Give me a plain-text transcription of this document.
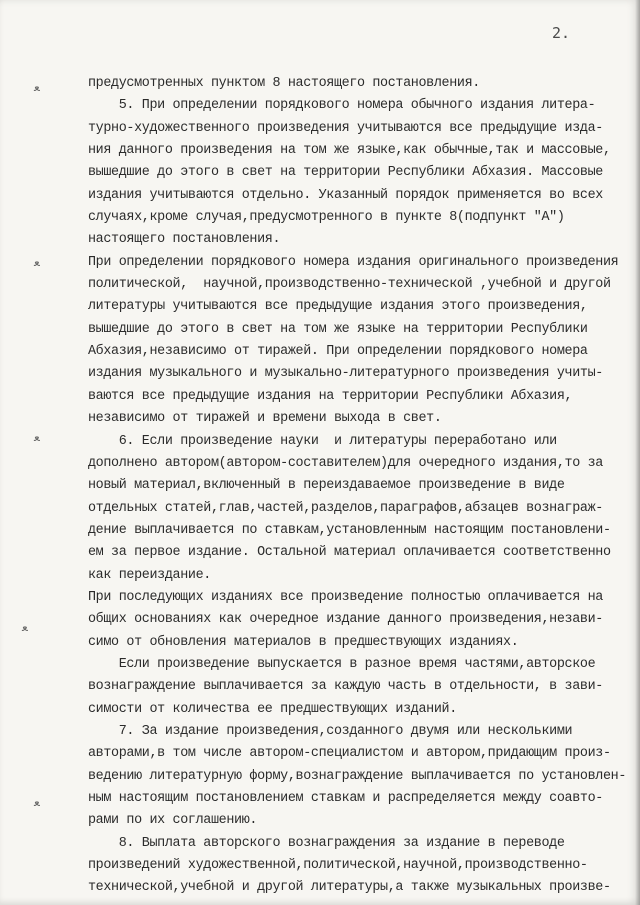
2.
ﻌ
ﻌ
ﻌ
ﻌ
ﻌ
предусмотренных пунктом 8 настоящего постановления.
5. При определении порядкового номера обычного издания литера-
турно-художественного произведения учитываются все предыдущие изда-
ния данного произведения на том же языке,как обычные,так и массовые,
вышедшие до этого в свет на территории Республики Абхазия. Массовые
издания учитываются отдельно. Указанный порядок применяется во всех
случаях,кроме случая,предусмотренного в пункте 8(подпункт "А")
настоящего постановления.
При определении порядкового номера издания оригинального произведения
политической,  научной,производственно-технической ,учебной и другой
литературы учитываются все предыдущие издания этого произведения,
вышедшие до этого в свет на том же языке на территории Республики
Абхазия,независимо от тиражей. При определении порядкового номера
издания музыкального и музыкально-литературного произведения учиты-
ваются все предыдущие издания на территории Республики Абхазия,
независимо от тиражей и времени выхода в свет.
6. Если произведение науки  и литературы переработано или
дополнено автором(автором-составителем)для очередного издания,то за
новый материал,включенный в переиздаваемое произведение в виде
отдельных статей,глав,частей,разделов,параграфов,абзацев вознаграж-
дение выплачивается по ставкам,установленным настоящим постановлени-
ем за первое издание. Остальной материал оплачивается соответственно
как переиздание.
При последующих изданиях все произведение полностью оплачивается на
общих основаниях как очередное издание данного произведения,незави-
симо от обновления материалов в предшествующих изданиях.
Если произведение выпускается в разное время частями,авторское
вознаграждение выплачивается за каждую часть в отдельности, в зави-
симости от количества ее предшествующих изданий.
7. За издание произведения,созданного двумя или несколькими
авторами,в том числе автором-специалистом и автором,придающим произ-
ведению литературную форму,вознаграждение выплачивается по установлен-
ным настоящим постановлением ставкам и распределяется между соавто-
рами по их соглашению.
8. Выплата авторского вознаграждения за издание в переводе
произведений художественной,политической,научной,производственно-
технической,учебной и другой литературы,а также музыкальных произве-
